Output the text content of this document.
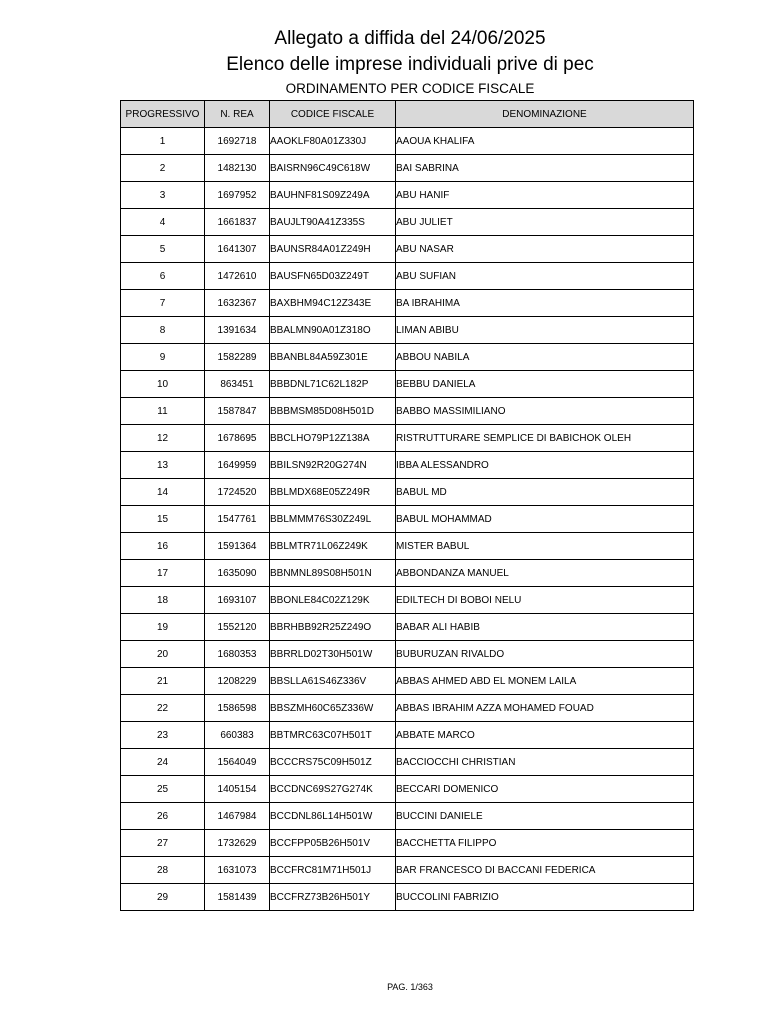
Allegato a diffida del 24/06/2025
Elenco delle imprese individuali prive di pec
ORDINAMENTO PER CODICE FISCALE
PROGRESSIVO	N. REA	CODICE FISCALE	DENOMINAZIONE
1	1692718	AAOKLF80A01Z330J	AAOUA KHALIFA
2	1482130	BAISRN96C49C618W	BAI SABRINA
3	1697952	BAUHNF81S09Z249A	ABU HANIF
4	1661837	BAUJLT90A41Z335S	ABU JULIET
5	1641307	BAUNSR84A01Z249H	ABU NASAR
6	1472610	BAUSFN65D03Z249T	ABU SUFIAN
7	1632367	BAXBHM94C12Z343E	BA IBRAHIMA
8	1391634	BBALMN90A01Z318O	LIMAN ABIBU
9	1582289	BBANBL84A59Z301E	ABBOU NABILA
10	863451	BBBDNL71C62L182P	BEBBU DANIELA
11	1587847	BBBMSM85D08H501D	BABBO MASSIMILIANO
12	1678695	BBCLHO79P12Z138A	RISTRUTTURARE SEMPLICE DI BABICHOK OLEH
13	1649959	BBILSN92R20G274N	IBBA ALESSANDRO
14	1724520	BBLMDX68E05Z249R	BABUL MD
15	1547761	BBLMMM76S30Z249L	BABUL MOHAMMAD
16	1591364	BBLMTR71L06Z249K	MISTER BABUL
17	1635090	BBNMNL89S08H501N	ABBONDANZA MANUEL
18	1693107	BBONLE84C02Z129K	EDILTECH DI BOBOI NELU
19	1552120	BBRHBB92R25Z249O	BABAR ALI HABIB
20	1680353	BBRRLD02T30H501W	BUBURUZAN RIVALDO
21	1208229	BBSLLA61S46Z336V	ABBAS AHMED ABD EL MONEM LAILA
22	1586598	BBSZMH60C65Z336W	ABBAS IBRAHIM AZZA MOHAMED FOUAD
23	660383	BBTMRC63C07H501T	ABBATE MARCO
24	1564049	BCCCRS75C09H501Z	BACCIOCCHI CHRISTIAN
25	1405154	BCCDNC69S27G274K	BECCARI DOMENICO
26	1467984	BCCDNL86L14H501W	BUCCINI DANIELE
27	1732629	BCCFPP05B26H501V	BACCHETTA FILIPPO
28	1631073	BCCFRC81M71H501J	BAR FRANCESCO DI BACCANI FEDERICA
29	1581439	BCCFRZ73B26H501Y	BUCCOLINI FABRIZIO
PAG. 1/363
